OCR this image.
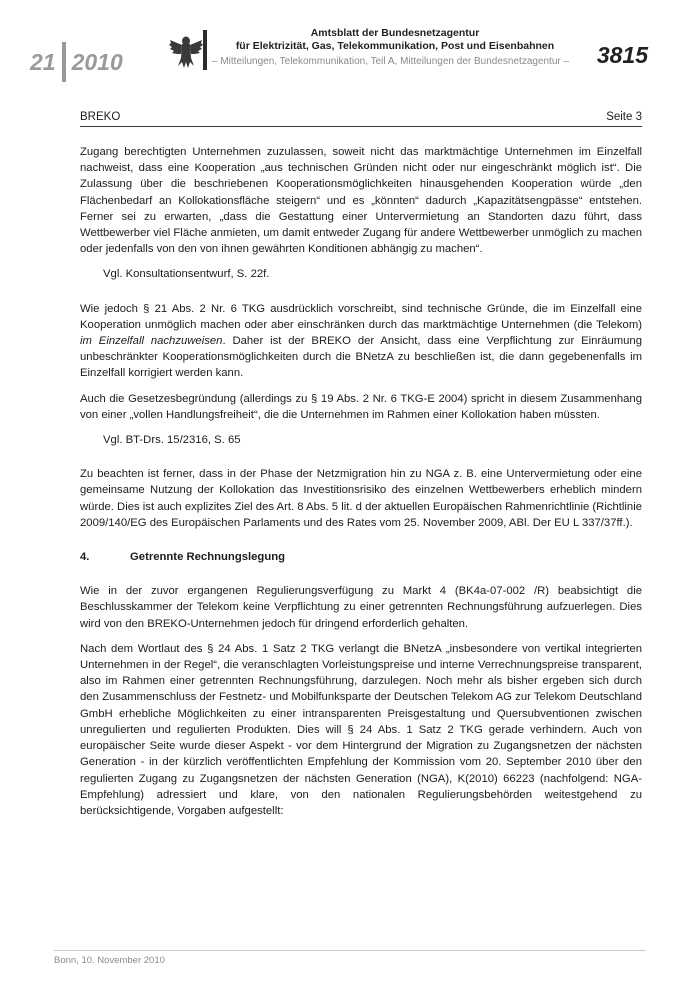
21 2010
Amtsblatt der Bundesnetzagentur
für Elektrizität, Gas, Telekommunikation, Post und Eisenbahnen
– Mitteilungen, Telekommunikation, Teil A, Mitteilungen der Bundesnetzagentur –	3815
BREKO	Seite 3

Zugang berechtigten Unternehmen zuzulassen, soweit nicht das marktmächtige Unternehmen im Einzelfall nachweist, dass eine Kooperation „aus technischen Gründen nicht oder nur eingeschränkt möglich ist“. Die Zulassung über die beschriebenen Kooperationsmöglichkeiten hinausgehenden Kooperation würde „den Flächenbedarf an Kollokationsfläche steigern“ und es „könnten“ dadurch „Kapazitätsengpässe“ entstehen. Ferner sei zu erwarten, „dass die Gestattung einer Untervermietung an Standorten dazu führt, dass Wettbewerber viel Fläche anmieten, um damit entweder Zugang für andere Wettbewerber unmöglich zu machen oder jedenfalls von den von ihnen gewährten Konditionen abhängig zu machen“.

Vgl. Konsultationsentwurf, S. 22f.

Wie jedoch § 21 Abs. 2 Nr. 6 TKG ausdrücklich vorschreibt, sind technische Gründe, die im Einzelfall eine Kooperation unmöglich machen oder aber einschränken durch das marktmächtige Unternehmen (die Telekom) im Einzelfall nachzuweisen. Daher ist der BREKO der Ansicht, dass eine Verpflichtung zur Einräumung unbeschränkter Kooperationsmöglichkeiten durch die BNetzA zu beschließen ist, die dann gegebenenfalls im Einzelfall korrigiert werden kann.

Auch die Gesetzesbegründung (allerdings zu § 19 Abs. 2 Nr. 6 TKG-E 2004) spricht in diesem Zusammenhang von einer „vollen Handlungsfreiheit“, die die Unternehmen im Rahmen einer Kollokation haben müssten.

Vgl. BT-Drs. 15/2316, S. 65

Zu beachten ist ferner, dass in der Phase der Netzmigration hin zu NGA z. B. eine Untervermietung oder eine gemeinsame Nutzung der Kollokation das Investitionsrisiko des einzelnen Wettbewerbers erheblich mindern würde. Dies ist auch explizites Ziel des Art. 8 Abs. 5 lit. d der aktuellen Europäischen Rahmenrichtlinie (Richtlinie 2009/140/EG des Europäischen Parlaments und des Rates vom 25. November 2009, ABl. Der EU L 337/37ff.).

4.	Getrennte Rechnungslegung

Wie in der zuvor ergangenen Regulierungsverfügung zu Markt 4 (BK4a-07-002 /R) beabsichtigt die Beschlusskammer der Telekom keine Verpflichtung zu einer getrennten Rechnungsführung aufzuerlegen. Dies wird von den BREKO-Unternehmen jedoch für dringend erforderlich gehalten.

Nach dem Wortlaut des § 24 Abs. 1 Satz 2 TKG verlangt die BNetzA „insbesondere von vertikal integrierten Unternehmen in der Regel“, die veranschlagten Vorleistungspreise und interne Verrechnungspreise transparent, also im Rahmen einer getrennten Rechnungsführung, darzulegen. Noch mehr als bisher ergeben sich durch den Zusammenschluss der Festnetz- und Mobilfunksparte der Deutschen Telekom AG zur Telekom Deutschland GmbH erhebliche Möglichkeiten zu einer intransparenten Preisgestaltung und Quersubventionen zwischen unregulierten und regulierten Produkten. Dies will § 24 Abs. 1 Satz 2 TKG gerade verhindern. Auch von europäischer Seite wurde dieser Aspekt - vor dem Hintergrund der Migration zu Zugangsnetzen der nächsten Generation - in der kürzlich veröffentlichten Empfehlung der Kommission vom 20. September 2010 über den regulierten Zugang zu Zugangsnetzen der nächsten Generation (NGA), K(2010) 66223 (nachfolgend: NGA-Empfehlung) adressiert und klare, von den nationalen Regulierungsbehörden weitestgehend zu berücksichtigende, Vorgaben aufgestellt:

Bonn, 10. November 2010
